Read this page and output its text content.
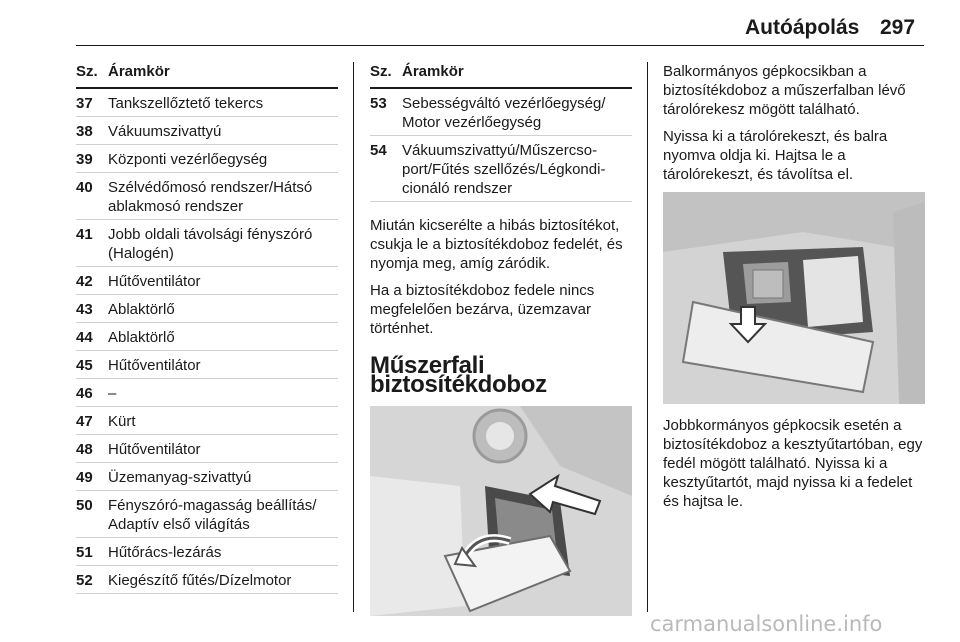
Autóápolás 297
Sz. Áramkör
37	Tankszellőztető tekercs
38	Vákuumszivattyú
39	Központi vezérlőegység
40	Szélvédőmosó rendszer/Hátsó ablakmosó rendszer
41	Jobb oldali távolsági fényszóró (Halogén)
42	Hűtőventilátor
43	Ablaktörlő
44	Ablaktörlő
45	Hűtőventilátor
46	–
47	Kürt
48	Hűtőventilátor
49	Üzemanyag-szivattyú
50	Fényszóró-magasság beállítás/ Adaptív első világítás
51	Hűtőrács-lezárás
52	Kiegészítő fűtés/Dízelmotor
Sz. Áramkör
53	Sebességváltó vezérlőegység/ Motor vezérlőegység
54	Vákuumszivattyú/Műszercso- port/Fűtés szellőzés/Légkondi- cionáló rendszer

Miután kicserélte a hibás biztosítékot, csukja le a biztosítékdoboz fedelét, és nyomja meg, amíg záródik.

Ha a biztosítékdoboz fedele nincs megfelelően bezárva, üzemzavar történhet.

Műszerfali biztosítékdoboz

Balkormányos gépkocsikban a biztosítékdoboz a műszerfalban lévő tárolórekesz mögött található.

Nyissa ki a tárolórekeszt, és balra nyomva oldja ki. Hajtsa le a tárolórekeszt, és távolítsa el.

Jobbkormányos gépkocsik esetén a biztosítékdoboz a kesztyűtartóban, egy fedél mögött található. Nyissa ki a kesztyűtartót, majd nyissa ki a fedelet és hajtsa le.

carmanualsonline.info
